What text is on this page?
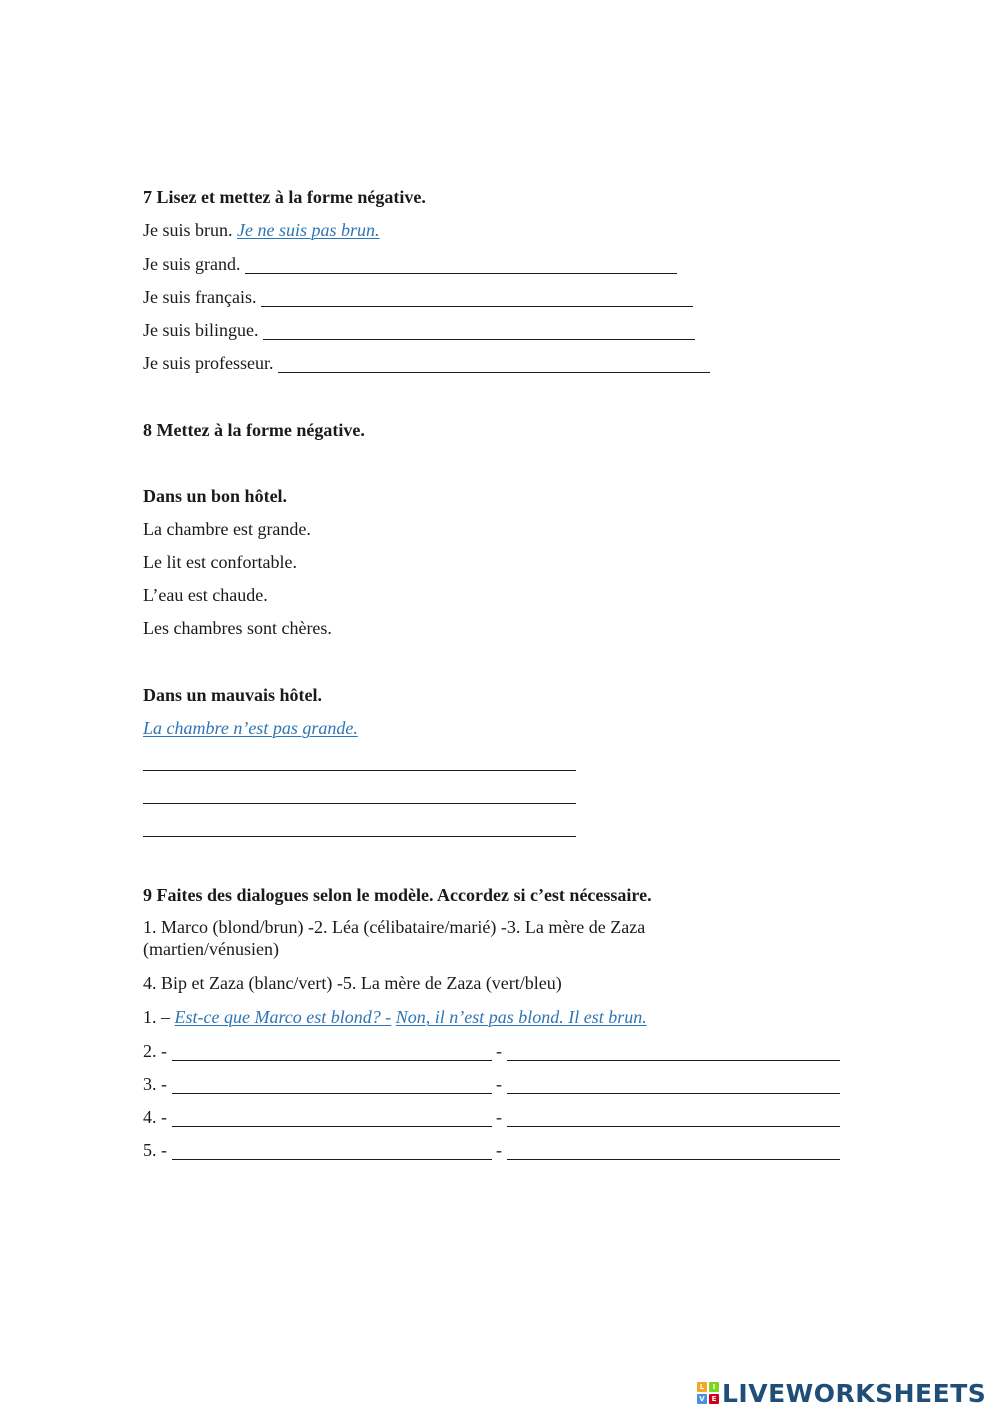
7 Lisez et mettez à la forme négative.
Je suis brun. Je ne suis pas brun.
Je suis grand.
Je suis français.
Je suis bilingue.
Je suis professeur.
8 Mettez à la forme négative.
Dans un bon hôtel.
La chambre est grande.
Le lit est confortable.
L’eau est chaude.
Les chambres sont chères.
Dans un mauvais hôtel.
La chambre n’est pas grande.
9 Faites des dialogues selon le modèle. Accordez si c’est nécessaire.
1. Marco (blond/brun) -2. Léa (célibataire/marié) -3. La mère de Zaza (martien/vénusien)
4. Bip et Zaza (blanc/vert) -5. La mère de Zaza (vert/bleu)
1. – Est-ce que Marco est blond? - Non, il n’est pas blond. Il est brun.
2. -	-
3. -	-
4. -	-
5. -	-
L	I
V E LIVEWORKSHEETS
